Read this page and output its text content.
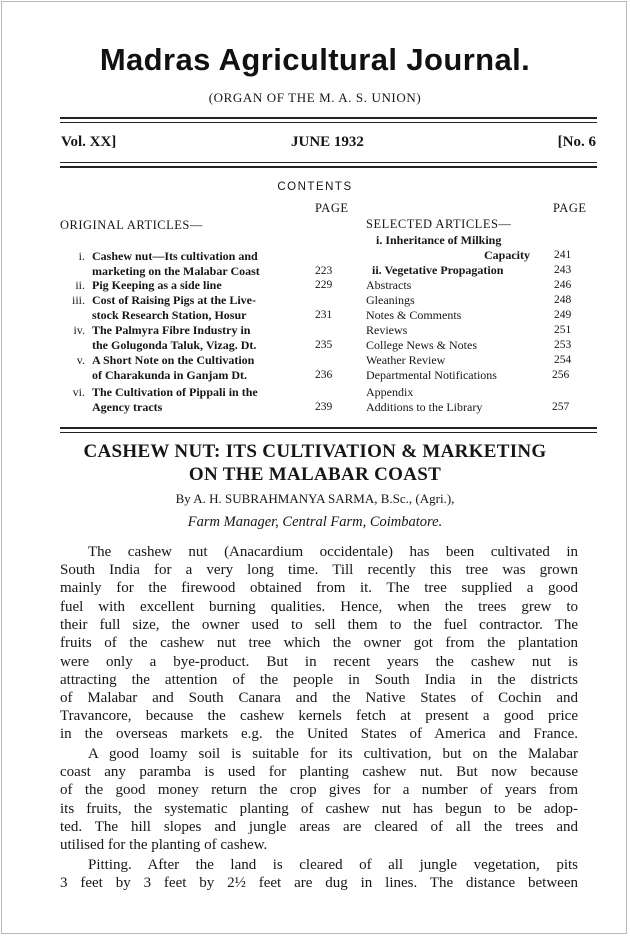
Madras Agricultural Journal.
(ORGAN OF THE M. A. S. UNION)
Vol. XX]	JUNE 1932	[No. 6
CONTENTS
PAGE	PAGE
ORIGINAL ARTICLES—	SELECTED ARTICLES—
i. Cashew nut—Its cultivation and
marketing on the Malabar Coast	223
ii. Pig Keeping as a side line	229
iii. Cost of Raising Pigs at the Live-
stock Research Station, Hosur	231
iv. The Palmyra Fibre Industry in
the Golugonda Taluk, Vizag. Dt.	235
v. A Short Note on the Cultivation
of Charakunda in Ganjam Dt.	236
vi. The Cultivation of Pippali in the
Agency tracts	239
i. Inheritance of Milking
Capacity 241
ii. Vegetative Propagation	243
Abstracts	246
Gleanings	248
Notes & Comments	249
Reviews	251
College News & Notes	253
Weather Review	254
Departmental Notifications	256
Appendix
Additions to the Library	257
CASHEW NUT: ITS CULTIVATION & MARKETING
ON THE MALABAR COAST
By A. H. SUBRAHMANYA SARMA, B.Sc., (Agri.),
Farm Manager, Central Farm, Coimbatore.
The cashew nut (Anacardium occidentale) has been cultivated in
South India for a very long time. Till recently this tree was grown
mainly for the firewood obtained from it. The tree supplied a good
fuel with excellent burning qualities. Hence, when the trees grew to
their full size, the owner used to sell them to the fuel contractor. The
fruits of the cashew nut tree which the owner got from the plantation
were only a bye-product. But in recent years the cashew nut is
attracting the attention of the people in South India in the districts
of Malabar and South Canara and the Native States of Cochin and
Travancore, because the cashew kernels fetch at present a good price
in the overseas markets e.g. the United States of America and France.
A good loamy soil is suitable for its cultivation, but on the Malabar
coast any paramba is used for planting cashew nut. But now because
of the good money return the crop gives for a number of years from
its fruits, the systematic planting of cashew nut has begun to be adop-
ted. The hill slopes and jungle areas are cleared of all the trees and
utilised for the planting of cashew.
Pitting. After the land is cleared of all jungle vegetation, pits
3 feet by 3 feet by 2½ feet are dug in lines. The distance between
